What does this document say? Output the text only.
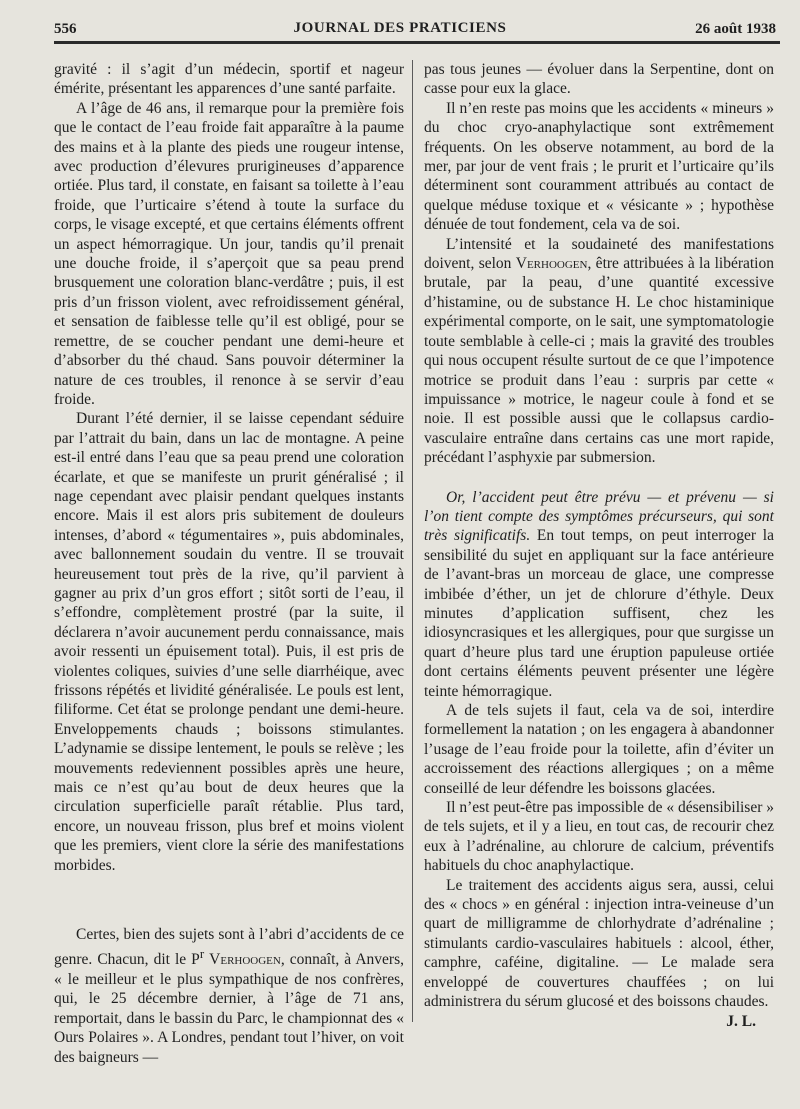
556	JOURNAL DES PRATICIENS	26 août 1938

gravité : il s’agit d’un médecin, sportif et nageur émérite, présentant les apparences d’une santé parfaite.

A l’âge de 46 ans, il remarque pour la première fois que le contact de l’eau froide fait apparaître à la paume des mains et à la plante des pieds une rougeur intense, avec production d’élevures prurigineuses d’apparence ortiée. Plus tard, il constate, en faisant sa toilette à l’eau froide, que l’urticaire s’étend à toute la surface du corps, le visage excepté, et que certains éléments offrent un aspect hémorragique. Un jour, tandis qu’il prenait une douche froide, il s’aperçoit que sa peau prend brusquement une coloration blanc-verdâtre ; puis, il est pris d’un frisson violent, avec refroidissement général, et sensation de faiblesse telle qu’il est obligé, pour se remettre, de se coucher pendant une demi-heure et d’absorber du thé chaud. Sans pouvoir déterminer la nature de ces troubles, il renonce à se servir d’eau froide.

Durant l’été dernier, il se laisse cependant séduire par l’attrait du bain, dans un lac de montagne. A peine est-il entré dans l’eau que sa peau prend une coloration écarlate, et que se manifeste un prurit généralisé ; il nage cependant avec plaisir pendant quelques instants encore. Mais il est alors pris subitement de douleurs intenses, d’abord « tégumentaires », puis abdominales, avec ballonnement soudain du ventre. Il se trouvait heureusement tout près de la rive, qu’il parvient à gagner au prix d’un gros effort ; sitôt sorti de l’eau, il s’effondre, complètement prostré (par la suite, il déclarera n’avoir aucunement perdu connaissance, mais avoir ressenti un épuisement total). Puis, il est pris de violentes coliques, suivies d’une selle diarrhéique, avec frissons répétés et lividité généralisée. Le pouls est lent, filiforme. Cet état se prolonge pendant une demi-heure. Enveloppements chauds ; boissons stimulantes. L’adynamie se dissipe lentement, le pouls se relève ; les mouvements redeviennent possibles après une heure, mais ce n’est qu’au bout de deux heures que la circulation superficielle paraît rétablie. Plus tard, encore, un nouveau frisson, plus bref et moins violent que les premiers, vient clore la série des manifestations morbides.

Certes, bien des sujets sont à l’abri d’accidents de ce genre. Chacun, dit le $P^r$ Verhoogen, connaît, à Anvers, « le meilleur et le plus sympathique de nos confrères, qui, le 25 décembre dernier, à l’âge de 71 ans, remportait, dans le bassin du Parc, le championnat des « Ours Polaires ». A Londres, pendant tout l’hiver, on voit des baigneurs —

pas tous jeunes — évoluer dans la Serpentine, dont on casse pour eux la glace.

Il n’en reste pas moins que les accidents « mineurs » du choc cryo-anaphylactique sont extrêmement fréquents. On les observe notamment, au bord de la mer, par jour de vent frais ; le prurit et l’urticaire qu’ils déterminent sont couramment attribués au contact de quelque méduse toxique et « vésicante » ; hypothèse dénuée de tout fondement, cela va de soi.

L’intensité et la soudaineté des manifestations doivent, selon Verhoogen, être attribuées à la libération brutale, par la peau, d’une quantité excessive d’histamine, ou de substance H. Le choc histaminique expérimental comporte, on le sait, une symptomatologie toute semblable à celle-ci ; mais la gravité des troubles qui nous occupent résulte surtout de ce que l’impotence motrice se produit dans l’eau : surpris par cette « impuissance » motrice, le nageur coule à fond et se noie. Il est possible aussi que le collapsus cardio-vasculaire entraîne dans certains cas une mort rapide, précédant l’asphyxie par submersion.

Or, l’accident peut être prévu — et prévenu — si l’on tient compte des symptômes précurseurs, qui sont très significatifs. En tout temps, on peut interroger la sensibilité du sujet en appliquant sur la face antérieure de l’avant-bras un morceau de glace, une compresse imbibée d’éther, un jet de chlorure d’éthyle. Deux minutes d’application suffisent, chez les idiosyncrasiques et les allergiques, pour que surgisse un quart d’heure plus tard une éruption papuleuse ortiée dont certains éléments peuvent présenter une légère teinte hémorragique.

A de tels sujets il faut, cela va de soi, interdire formellement la natation ; on les engagera à abandonner l’usage de l’eau froide pour la toilette, afin d’éviter un accroissement des réactions allergiques ; on a même conseillé de leur défendre les boissons glacées.

Il n’est peut-être pas impossible de « désensibiliser » de tels sujets, et il y a lieu, en tout cas, de recourir chez eux à l’adrénaline, au chlorure de calcium, préventifs habituels du choc anaphylactique.

Le traitement des accidents aigus sera, aussi, celui des « chocs » en général : injection intra-veineuse d’un quart de milligramme de chlorhydrate d’adrénaline ; stimulants cardio-vasculaires habituels : alcool, éther, camphre, caféine, digitaline. — Le malade sera enveloppé de couvertures chauffées ; on lui administrera du sérum glucosé et des boissons chaudes.
J. L.
